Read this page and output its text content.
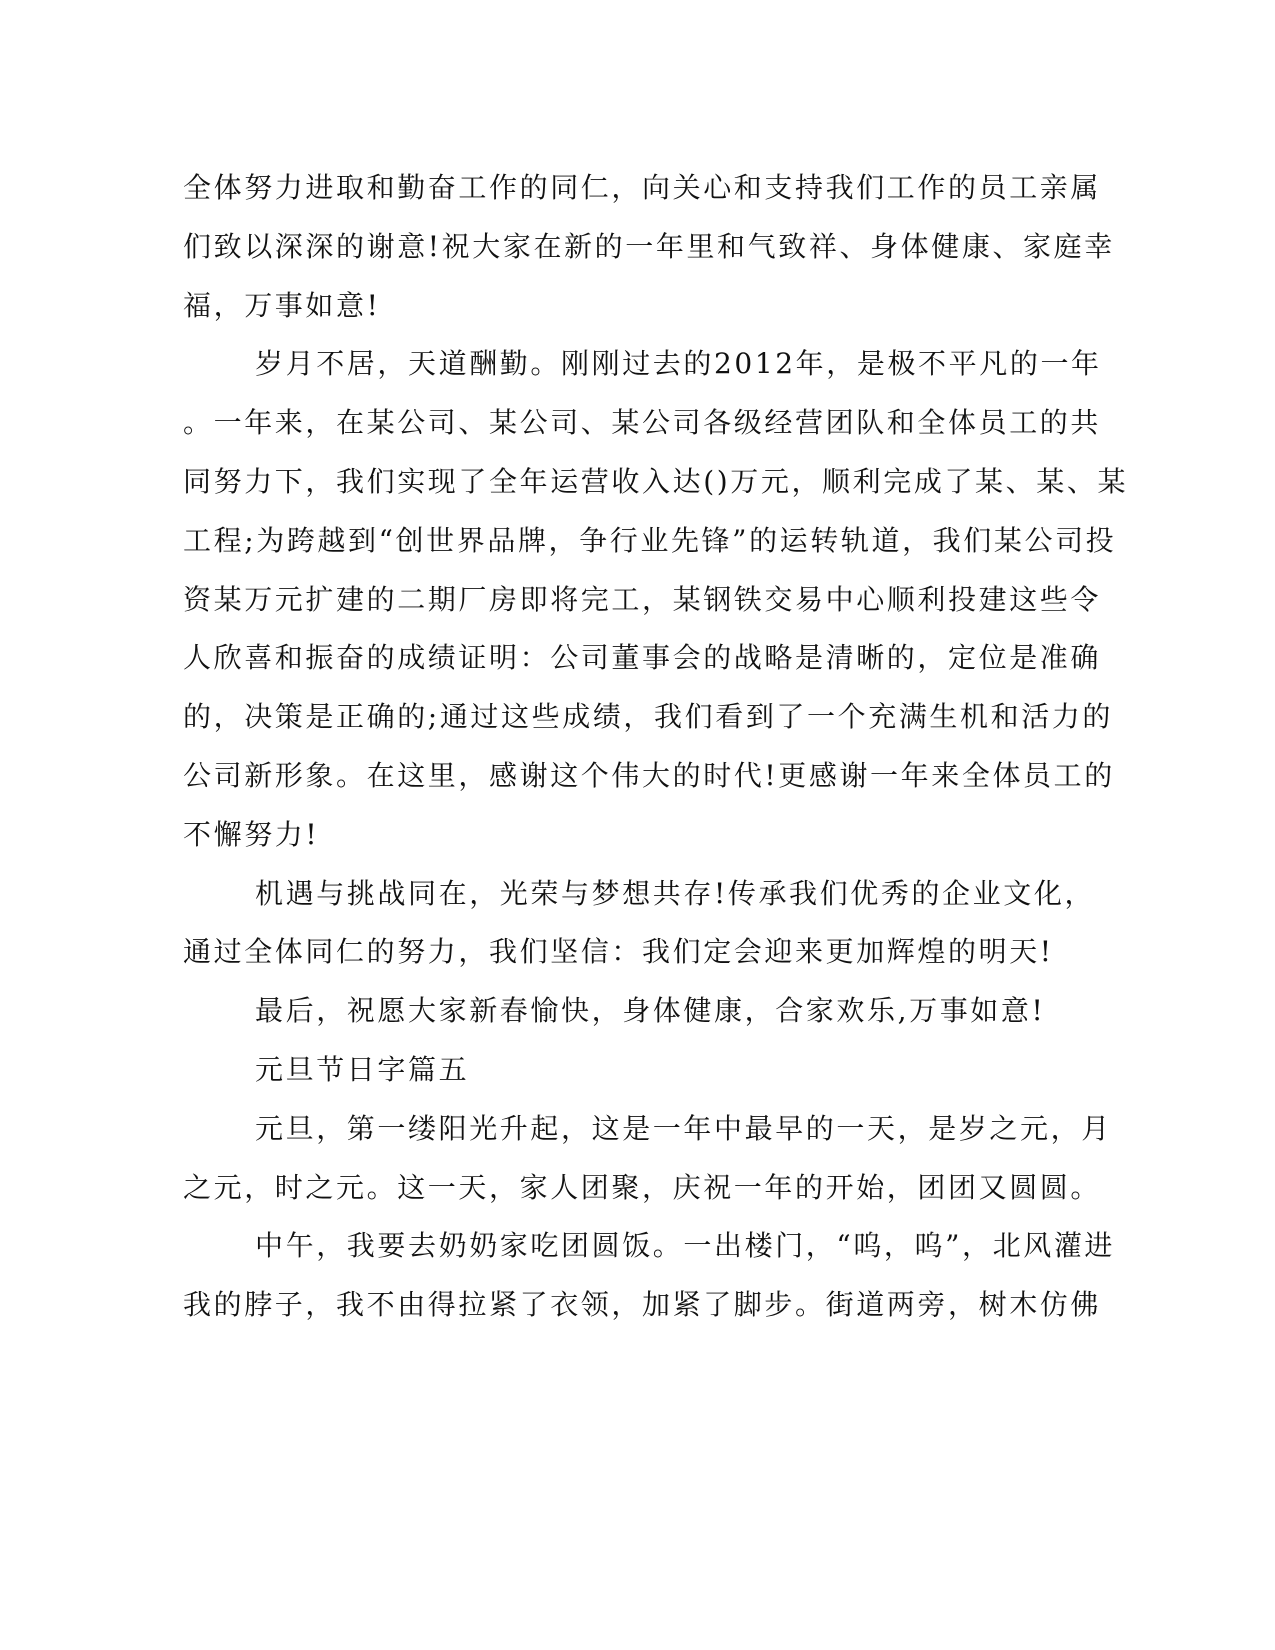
全体努力进取和勤奋工作的同仁，向关心和支持我们工作的员工亲属
们致以深深的谢意!祝大家在新的一年里和气致祥、身体健康、家庭幸
福，万事如意!
岁月不居，天道酬勤。刚刚过去的2012年，是极不平凡的一年
。一年来，在某公司、某公司、某公司各级经营团队和全体员工的共
同努力下，我们实现了全年运营收入达()万元，顺利完成了某、某、某
工程;为跨越到“创世界品牌，争行业先锋”的运转轨道，我们某公司投
资某万元扩建的二期厂房即将完工，某钢铁交易中心顺利投建这些令
人欣喜和振奋的成绩证明：公司董事会的战略是清晰的，定位是准确
的，决策是正确的;通过这些成绩，我们看到了一个充满生机和活力的
公司新形象。在这里，感谢这个伟大的时代!更感谢一年来全体员工的
不懈努力!
机遇与挑战同在，光荣与梦想共存!传承我们优秀的企业文化，
通过全体同仁的努力，我们坚信：我们定会迎来更加辉煌的明天!
最后，祝愿大家新春愉快，身体健康，合家欢乐,万事如意!
元旦节日字篇五
元旦，第一缕阳光升起，这是一年中最早的一天，是岁之元，月
之元，时之元。这一天，家人团聚，庆祝一年的开始，团团又圆圆。
中午，我要去奶奶家吃团圆饭。一出楼门，“呜，呜”，北风灌进
我的脖子，我不由得拉紧了衣领，加紧了脚步。街道两旁，树木仿佛
